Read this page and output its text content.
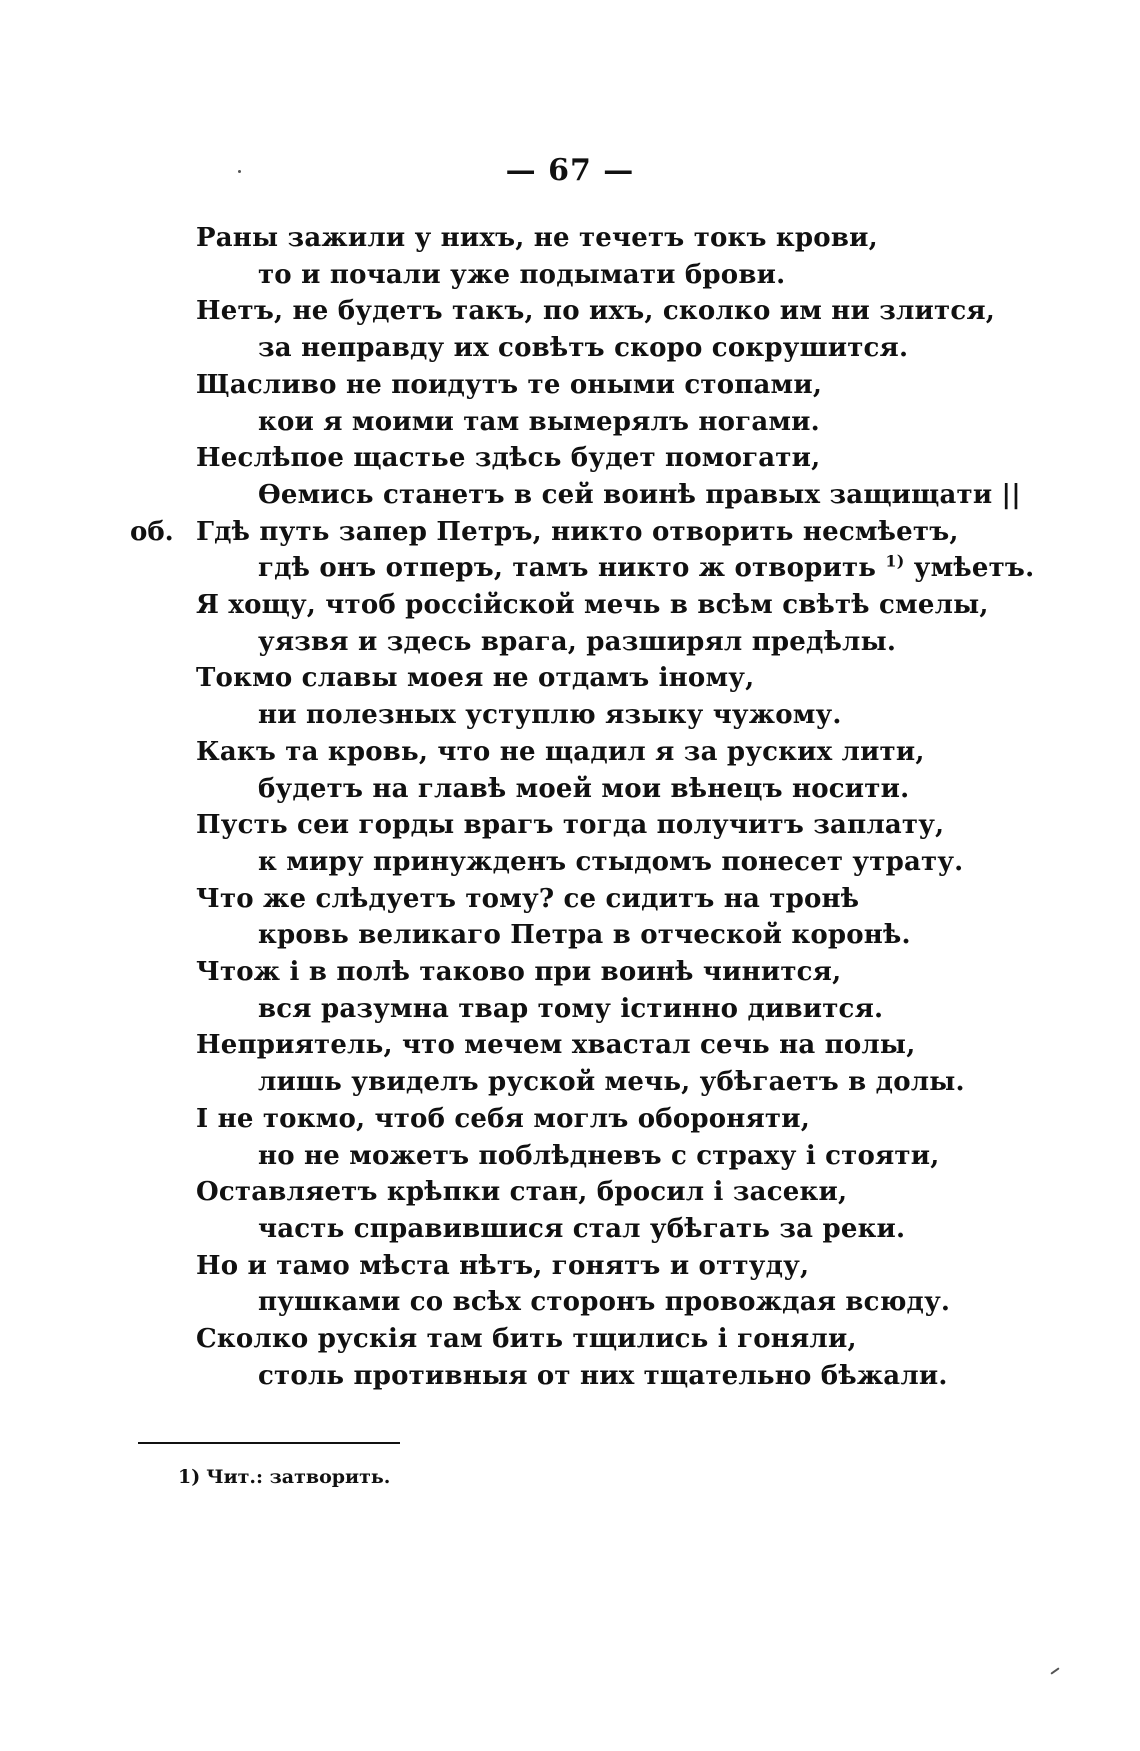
— 67 —
Раны зажили у нихъ, не течетъ токъ крови,
то и почали уже подымати брови.
Нетъ, не будетъ такъ, по ихъ, сколко им ни злится,
за неправду их совѣтъ скоро сокрушится.
Щасливо не поидутъ те оными стопами,
кои я моими там вымерялъ ногами.
Неслѣпое щастье здѣсь будет помогати,
Ѳемись станетъ в сей воинѣ правых защищати ||
Гдѣ путь запер Петръ, никто отворить несмѣетъ,
об.
гдѣ онъ отперъ, тамъ никто ж отворить $^{1)}$ умѣетъ.
Я хощу, чтоб россійской мечь в всѣм свѣтѣ смелы,
уязвя и здесь врага, разширял предѣлы.
Токмо славы моея не отдамъ іному,
ни полезных уступлю языку чужому.
Какъ та кровь, что не щадил я за руских лити,
будетъ на главѣ моей мои вѣнецъ носити.
Пусть сеи горды врагъ тогда получитъ заплату,
к миру принужденъ стыдомъ понесет утрату.
Что же слѣдуетъ тому? се сидитъ на тронѣ
кровь великаго Петра в отческой коронѣ.
Чтож і в полѣ таково при воинѣ чинится,
вся разумна твар тому істинно дивится.
Неприятель, что мечем хвастал сечь на полы,
лишь увиделъ руской мечь, убѣгаетъ в долы.
І не токмо, чтоб себя моглъ обороняти,
но не можетъ поблѣдневъ с страху і стояти,
Оставляетъ крѣпки стан, бросил і засеки,
часть справившися стал убѣгать за реки.
Но и тамо мѣста нѣтъ, гонятъ и оттуду,
пушками со всѣх сторонъ провождая всюду.
Сколко рускія там бить тщились і гоняли,
столь противныя от них тщательно бѣжали.
1) Чит.: затворить.
